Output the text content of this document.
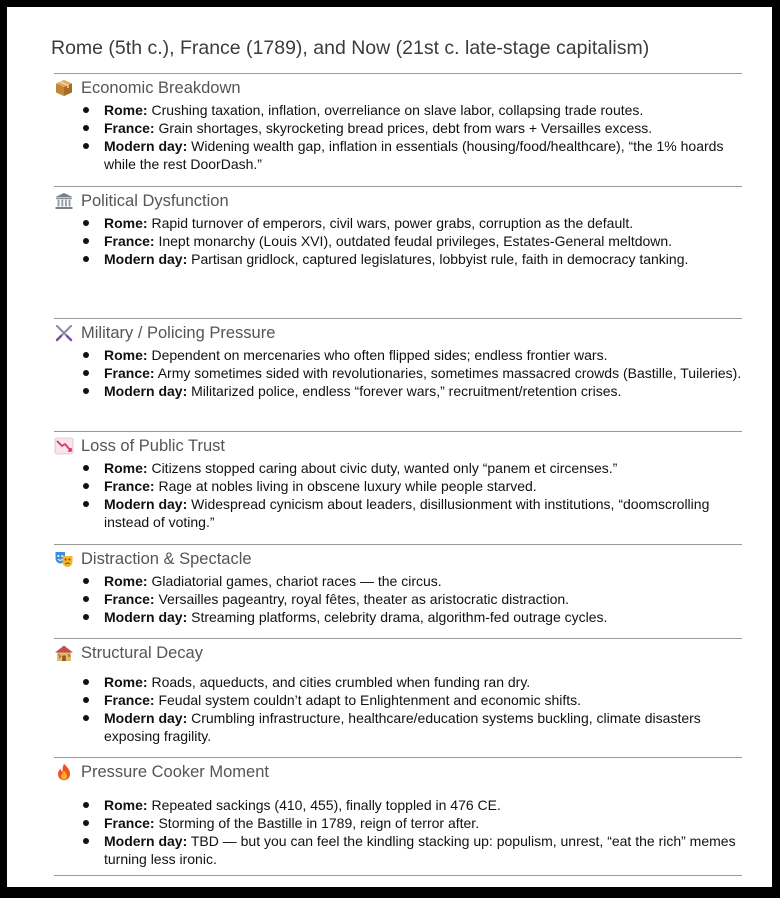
Rome (5th c.), France (1789), and Now (21st c. late-stage capitalism)
Economic Breakdown
Rome: Crushing taxation, inflation, overreliance on slave labor, collapsing trade routes.
France: Grain shortages, skyrocketing bread prices, debt from wars + Versailles excess.
Modern day: Widening wealth gap, inflation in essentials (housing/food/healthcare), “the 1% hoards while the rest DoorDash.”
Political Dysfunction
Rome: Rapid turnover of emperors, civil wars, power grabs, corruption as the default.
France: Inept monarchy (Louis XVI), outdated feudal privileges, Estates-General meltdown.
Modern day: Partisan gridlock, captured legislatures, lobbyist rule, faith in democracy tanking.
Military / Policing Pressure
Rome: Dependent on mercenaries who often flipped sides; endless frontier wars.
France: Army sometimes sided with revolutionaries, sometimes massacred crowds (Bastille, Tuileries).
Modern day: Militarized police, endless “forever wars,” recruitment/retention crises.
Loss of Public Trust
Rome: Citizens stopped caring about civic duty, wanted only “panem et circenses.”
France: Rage at nobles living in obscene luxury while people starved.
Modern day: Widespread cynicism about leaders, disillusionment with institutions, “doomscrolling instead of voting.”
Distraction & Spectacle
Rome: Gladiatorial games, chariot races — the circus.
France: Versailles pageantry, royal fêtes, theater as aristocratic distraction.
Modern day: Streaming platforms, celebrity drama, algorithm-fed outrage cycles.
Structural Decay
Rome: Roads, aqueducts, and cities crumbled when funding ran dry.
France: Feudal system couldn’t adapt to Enlightenment and economic shifts.
Modern day: Crumbling infrastructure, healthcare/education systems buckling, climate disasters exposing fragility.
Pressure Cooker Moment
Rome: Repeated sackings (410, 455), finally toppled in 476 CE.
France: Storming of the Bastille in 1789, reign of terror after.
Modern day: TBD — but you can feel the kindling stacking up: populism, unrest, “eat the rich” memes turning less ironic.
